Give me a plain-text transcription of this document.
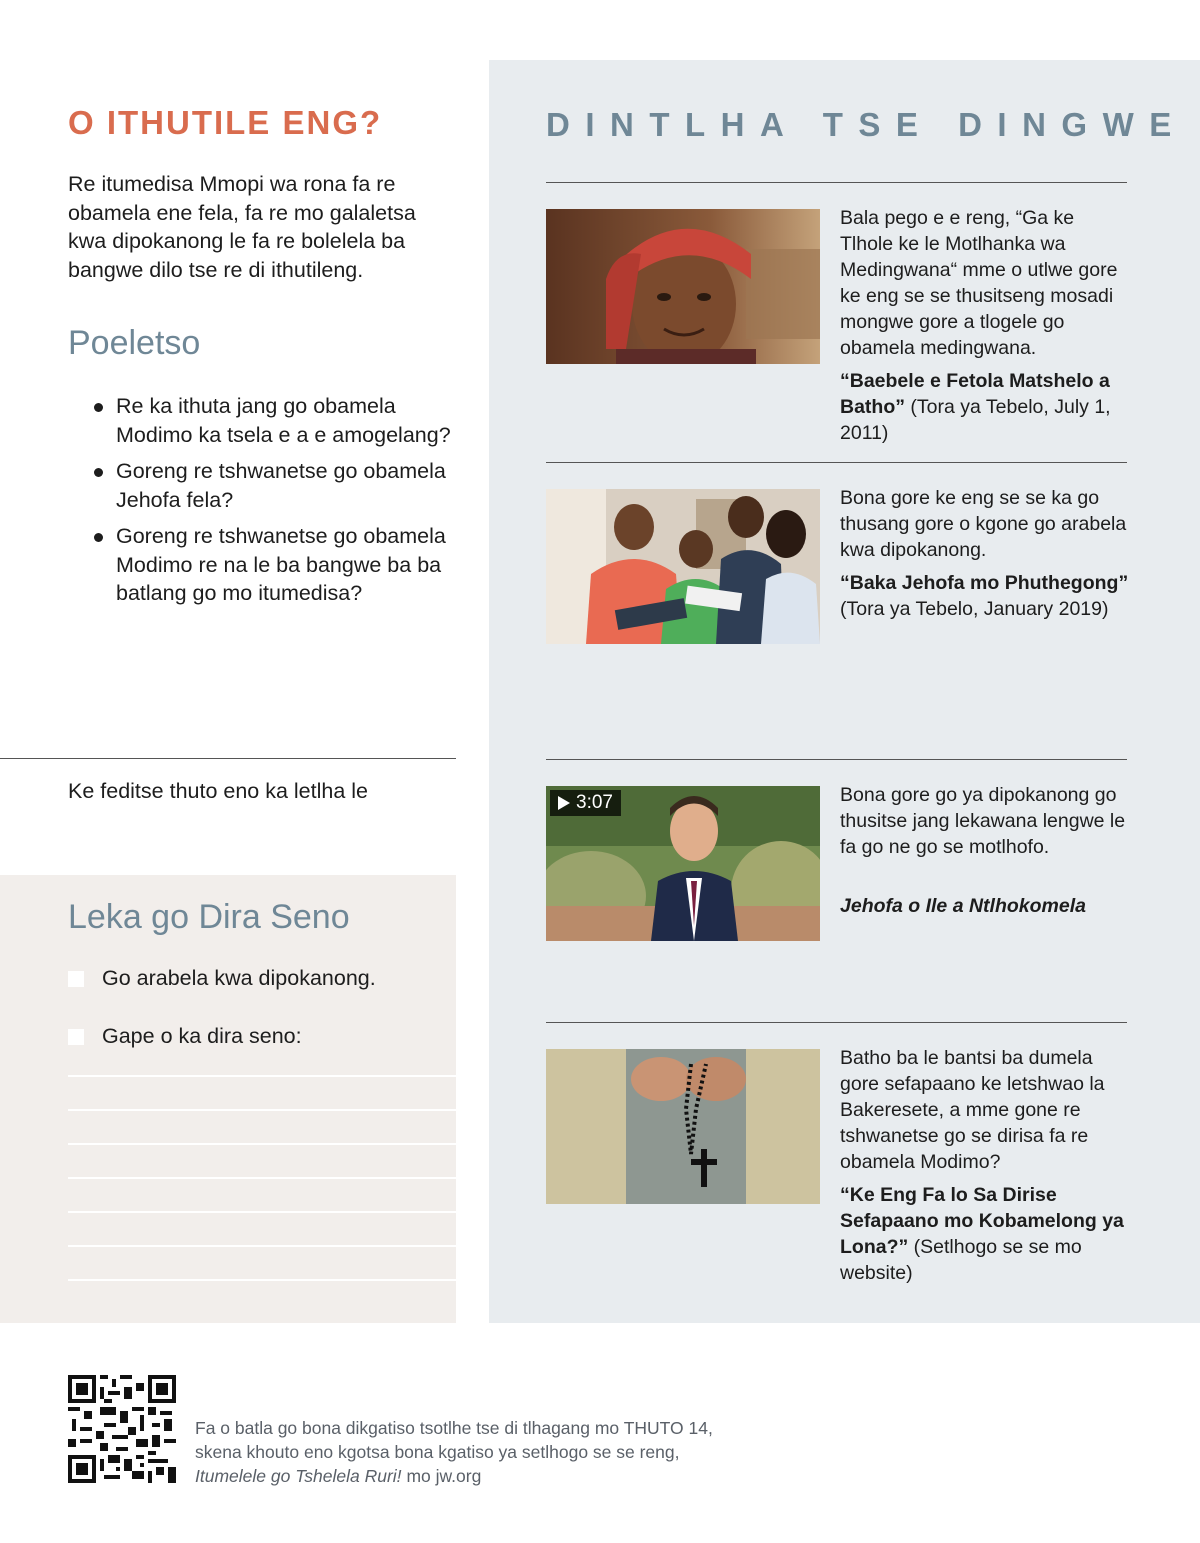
O ITHUTILE ENG?

Re itumedisa Mmopi wa rona fa re obamela ene fela, fa re mo galaletsa kwa dipokanong le fa re bolelela ba bangwe dilo tse re di ithutileng.

Poeletso
Re ka ithuta jang go obamela Modimo ka tsela e a e amogelang?
Goreng re tshwanetse go obamela Jehofa fela?
Goreng re tshwanetse go obamela Modimo re na le ba bangwe ba ba batlang go mo itumedisa?

Ke feditse thuto eno ka letlha le

Leka go Dira Seno
Go arabela kwa dipokanong.
Gape o ka dira seno:
DINTLHA TSE DINGWE

Bala pego e e reng, “Ga ke Tlhole ke le Motlhanka wa Medingwana“ mme o utlwe gore ke eng se se thusitseng mosadi mongwe gore a tlogele go obamela medingwana.

“Baebele e Fetola Matshelo a Batho” (Tora ya Tebelo, July 1, 2011)

Bona gore ke eng se se ka go thusang gore o kgone go arabela kwa dipokanong.

“Baka Jehofa mo Phuthegong” (Tora ya Tebelo, January 2019)

3:07	Bona gore go ya dipokanong go thusitse jang lekawana lengwe le fa go ne go se motlhofo.

Jehofa o Ile a Ntlhokomela

Batho ba le bantsi ba dumela gore sefapaano ke letshwao la Bakeresete, a mme gone re tshwanetse go se dirisa fa re obamela Modimo?

“Ke Eng Fa lo Sa Dirise Sefapaano mo Kobamelong ya Lona?” (Setlhogo se se mo website)

Fa o batla go bona dikgatiso tsotlhe tse di tlhagang mo THUTO 14, skena khouto eno kgotsa bona kgatiso ya setlhogo se se reng, Itumelele go Tshelela Ruri! mo jw.org
